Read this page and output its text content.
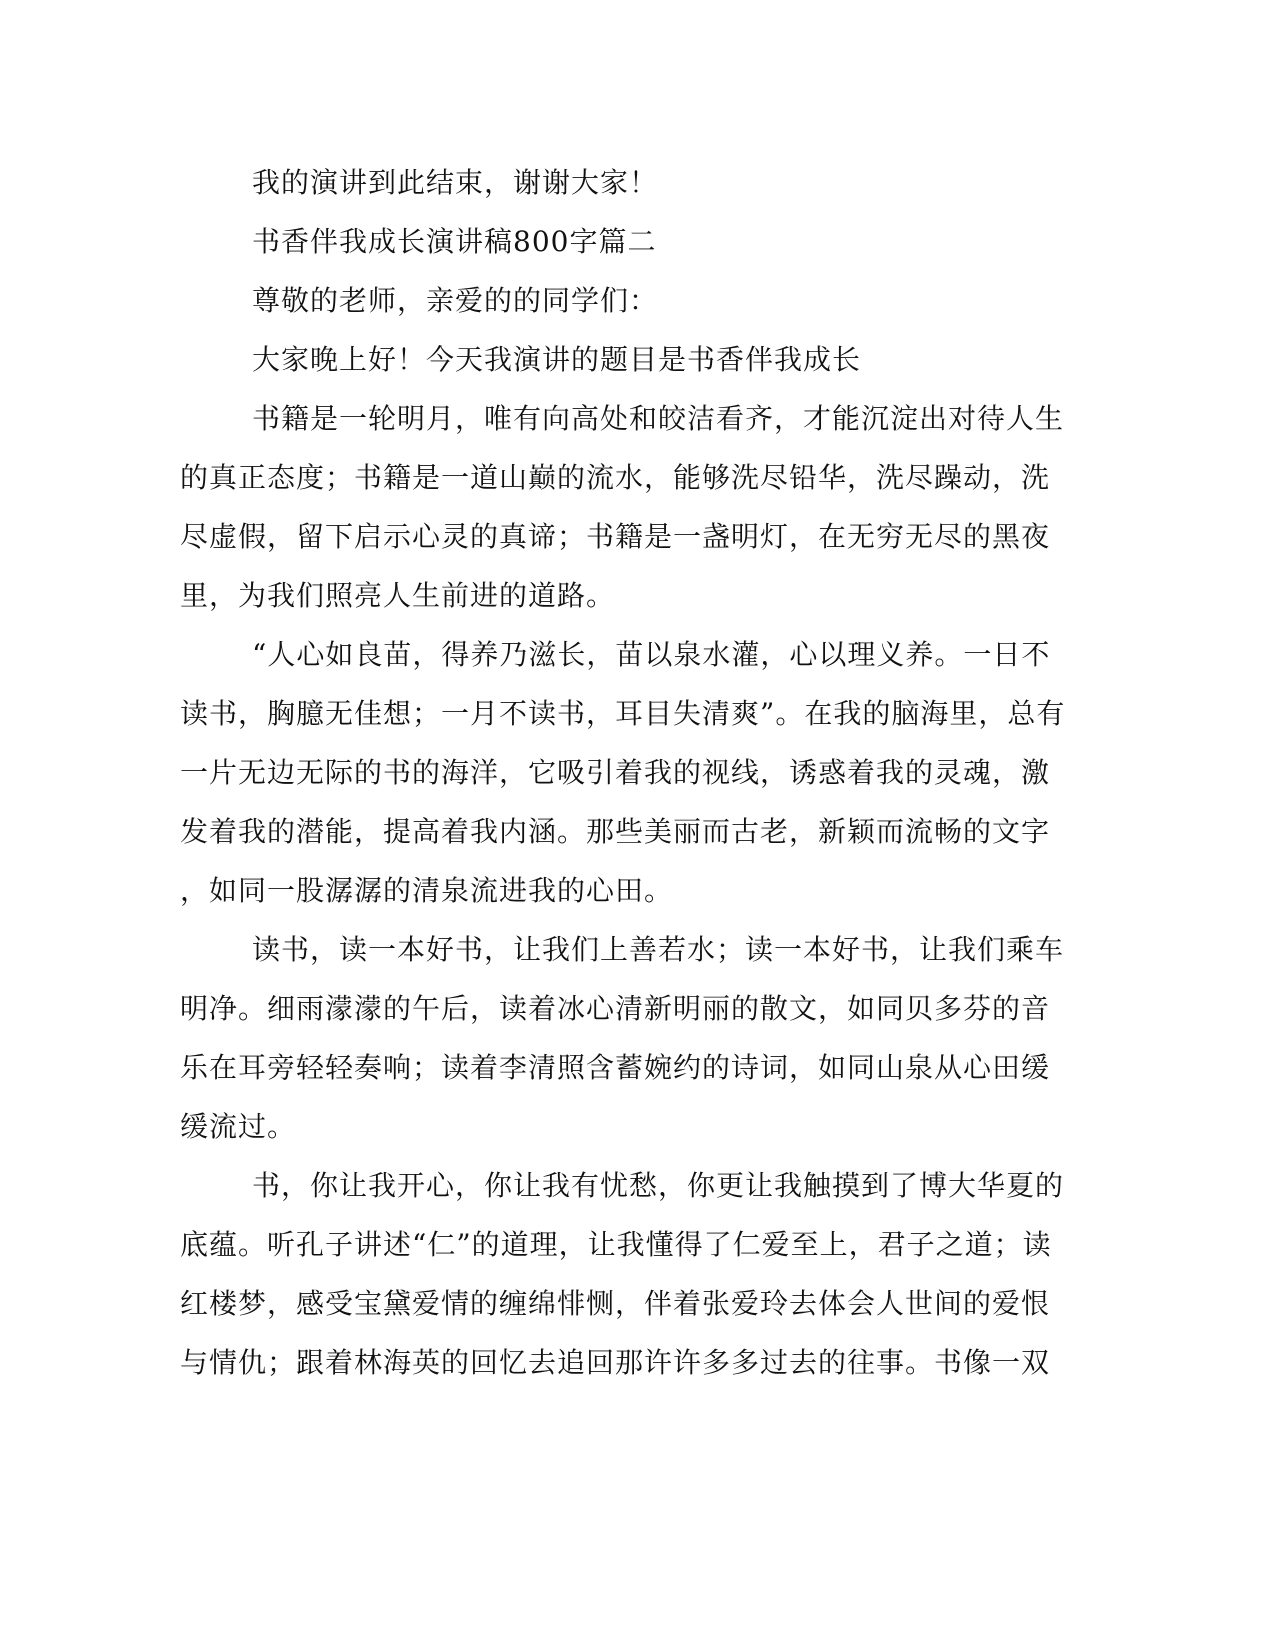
我的演讲到此结束，谢谢大家！
书香伴我成长演讲稿800字篇二
尊敬的老师，亲爱的的同学们：
大家晚上好！今天我演讲的题目是书香伴我成长
书籍是一轮明月，唯有向高处和皎洁看齐，才能沉淀出对待人生
的真正态度；书籍是一道山巅的流水，能够洗尽铅华，洗尽躁动，洗
尽虚假，留下启示心灵的真谛；书籍是一盏明灯，在无穷无尽的黑夜
里，为我们照亮人生前进的道路。
“人心如良苗，得养乃滋长，苗以泉水灌，心以理义养。一日不
读书，胸臆无佳想；一月不读书，耳目失清爽”。在我的脑海里，总有
一片无边无际的书的海洋，它吸引着我的视线，诱惑着我的灵魂，激
发着我的潜能，提高着我内涵。那些美丽而古老，新颖而流畅的文字
，如同一股潺潺的清泉流进我的心田。
读书，读一本好书，让我们上善若水；读一本好书，让我们乘车
明净。细雨濛濛的午后，读着冰心清新明丽的散文，如同贝多芬的音
乐在耳旁轻轻奏响；读着李清照含蓄婉约的诗词，如同山泉从心田缓
缓流过。
书，你让我开心，你让我有忧愁，你更让我触摸到了博大华夏的
底蕴。听孔子讲述“仁”的道理，让我懂得了仁爱至上，君子之道；读
红楼梦，感受宝黛爱情的缠绵悱恻，伴着张爱玲去体会人世间的爱恨
与情仇；跟着林海英的回忆去追回那许许多多过去的往事。书像一双
